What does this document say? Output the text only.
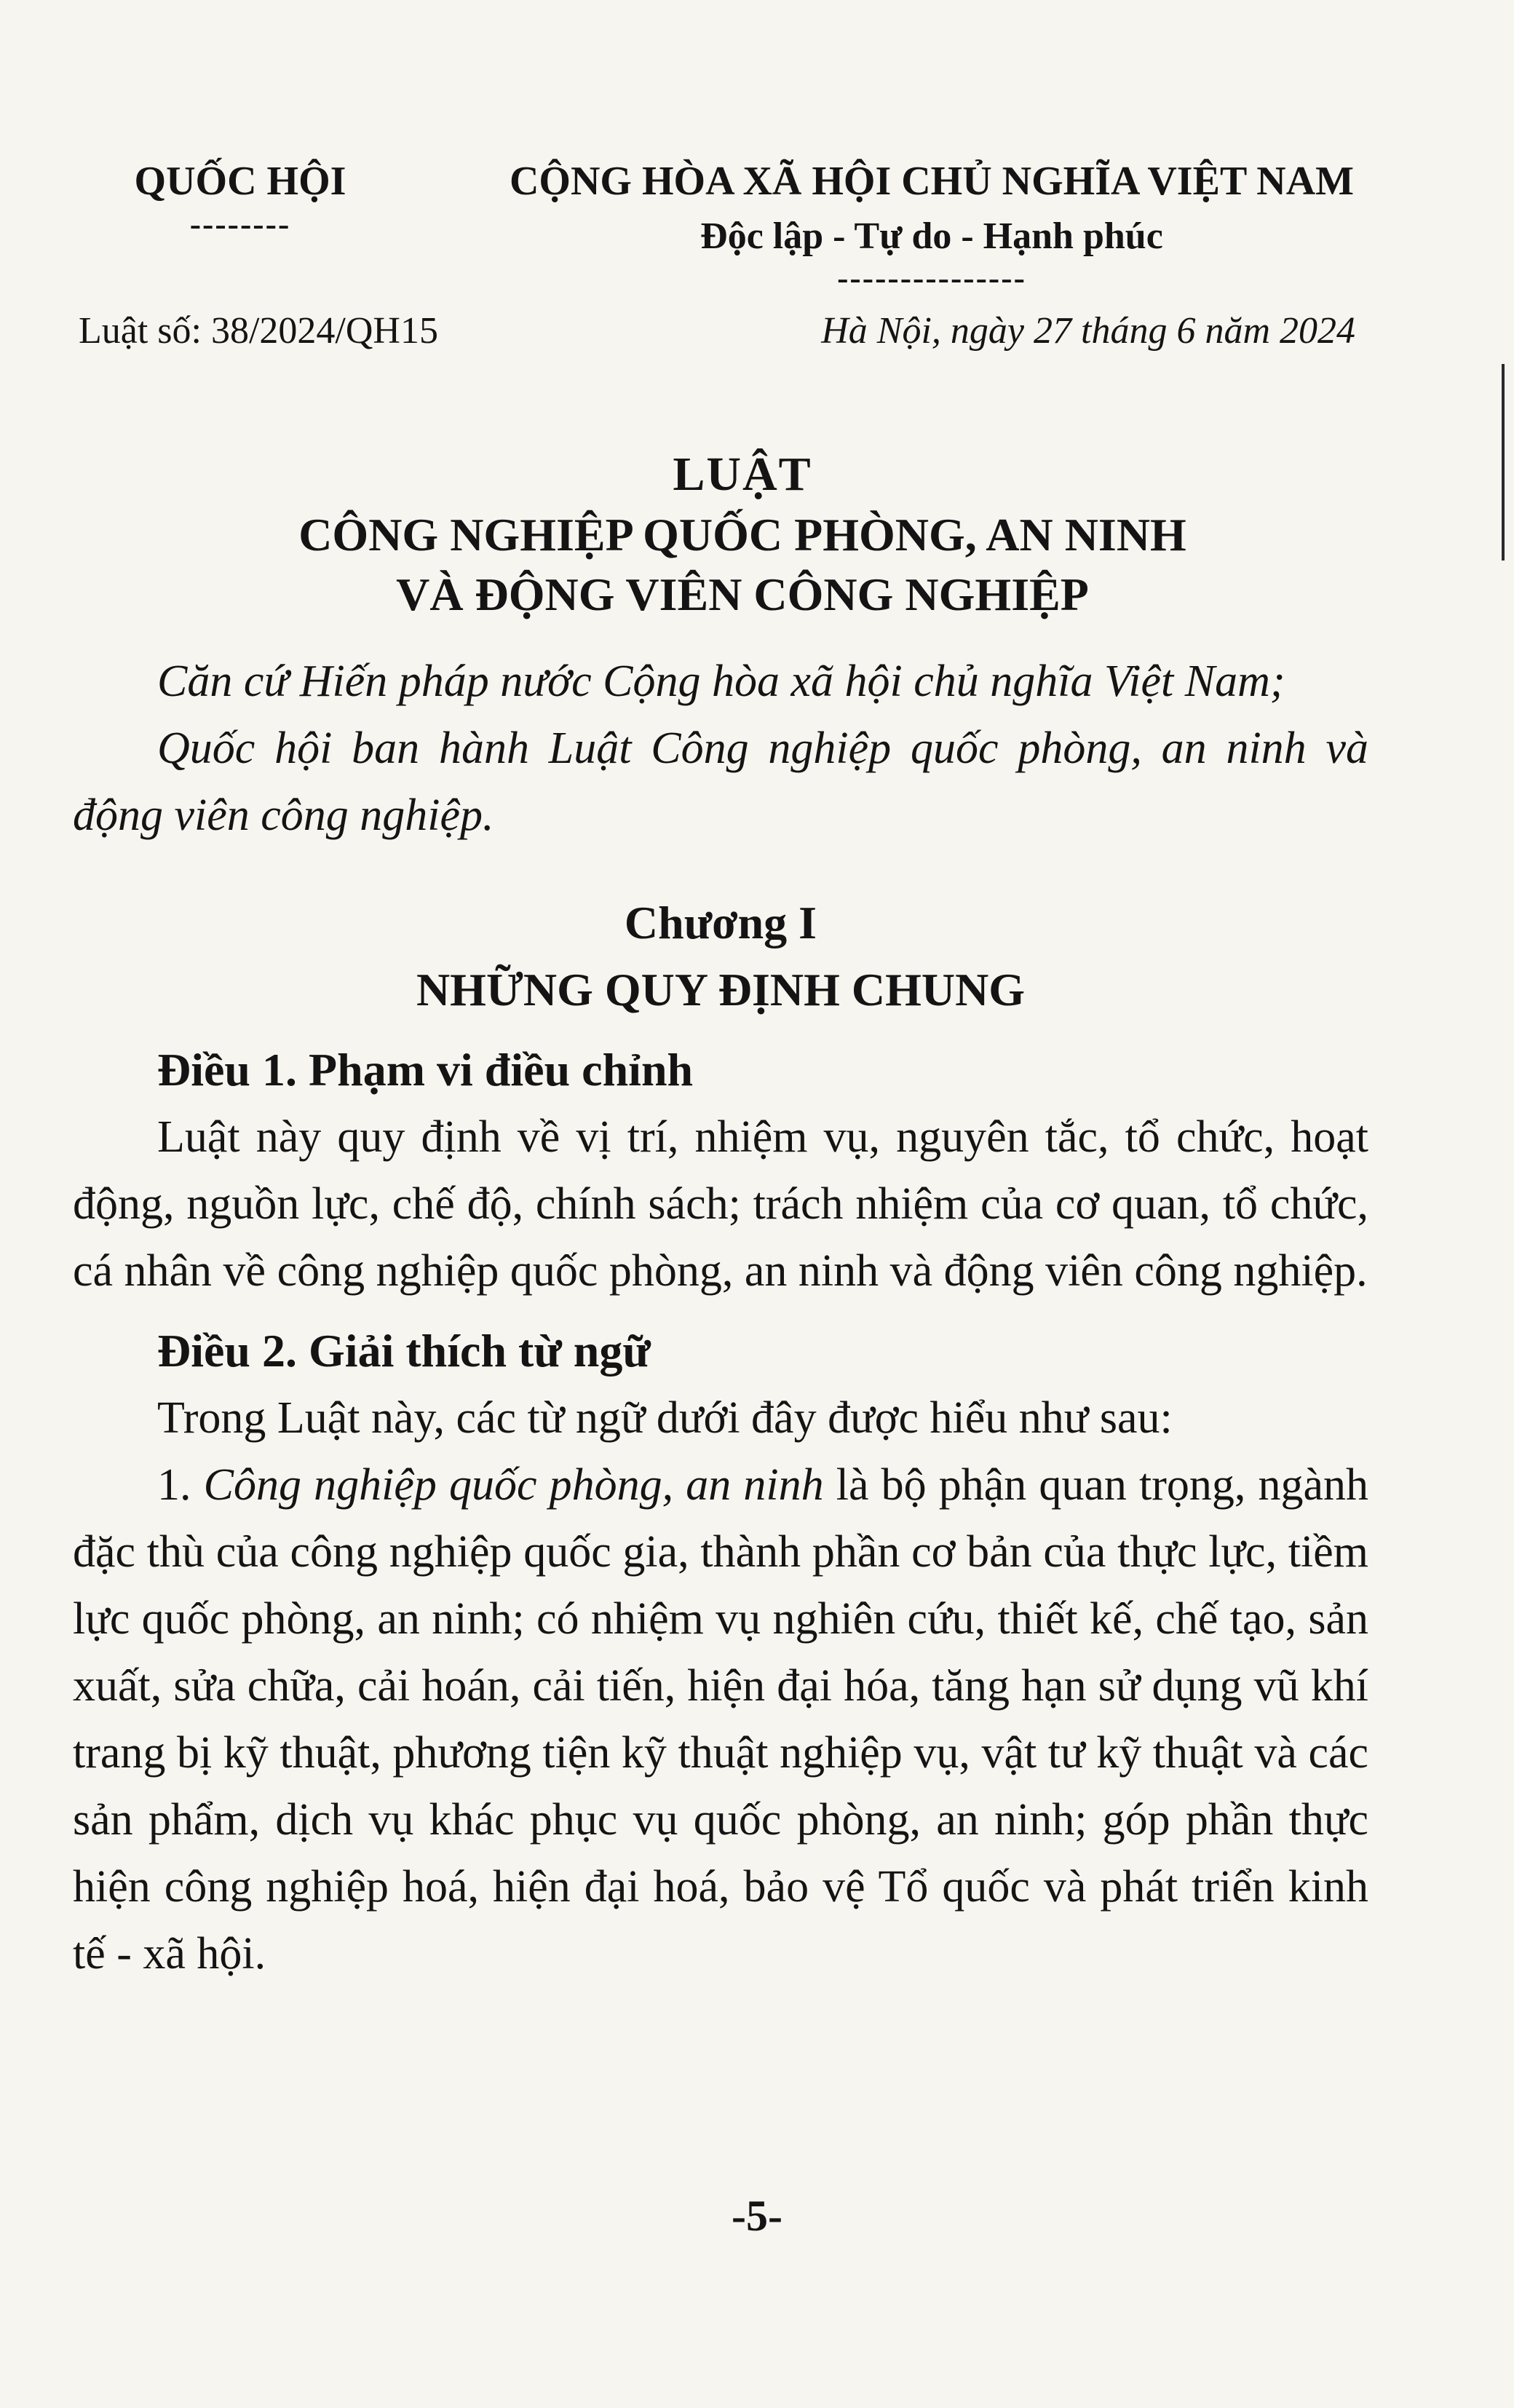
QUỐC HỘI
--------
CỘNG HÒA XÃ HỘI CHỦ NGHĨA VIỆT NAM
Độc lập - Tự do - Hạnh phúc
---------------
Luật số: 38/2024/QH15	Hà Nội, ngày 27 tháng 6 năm 2024
LUẬT
CÔNG NGHIỆP QUỐC PHÒNG, AN NINH
VÀ ĐỘNG VIÊN CÔNG NGHIỆP

Căn cứ Hiến pháp nước Cộng hòa xã hội chủ nghĩa Việt Nam;

Quốc hội ban hành Luật Công nghiệp quốc phòng, an ninh và động viên công nghiệp.

Chương I

NHỮNG QUY ĐỊNH CHUNG

Điều 1. Phạm vi điều chỉnh

Luật này quy định về vị trí, nhiệm vụ, nguyên tắc, tổ chức, hoạt động, nguồn lực, chế độ, chính sách; trách nhiệm của cơ quan, tổ chức, cá nhân về công nghiệp quốc phòng, an ninh và động viên công nghiệp.

Điều 2. Giải thích từ ngữ

Trong Luật này, các từ ngữ dưới đây được hiểu như sau:

1. Công nghiệp quốc phòng, an ninh là bộ phận quan trọng, ngành đặc thù của công nghiệp quốc gia, thành phần cơ bản của thực lực, tiềm lực quốc phòng, an ninh; có nhiệm vụ nghiên cứu, thiết kế, chế tạo, sản xuất, sửa chữa, cải hoán, cải tiến, hiện đại hóa, tăng hạn sử dụng vũ khí trang bị kỹ thuật, phương tiện kỹ thuật nghiệp vụ, vật tư kỹ thuật và các sản phẩm, dịch vụ khác phục vụ quốc phòng, an ninh; góp phần thực hiện công nghiệp hoá, hiện đại hoá, bảo vệ Tổ quốc và phát triển kinh tế - xã hội.

-5-
